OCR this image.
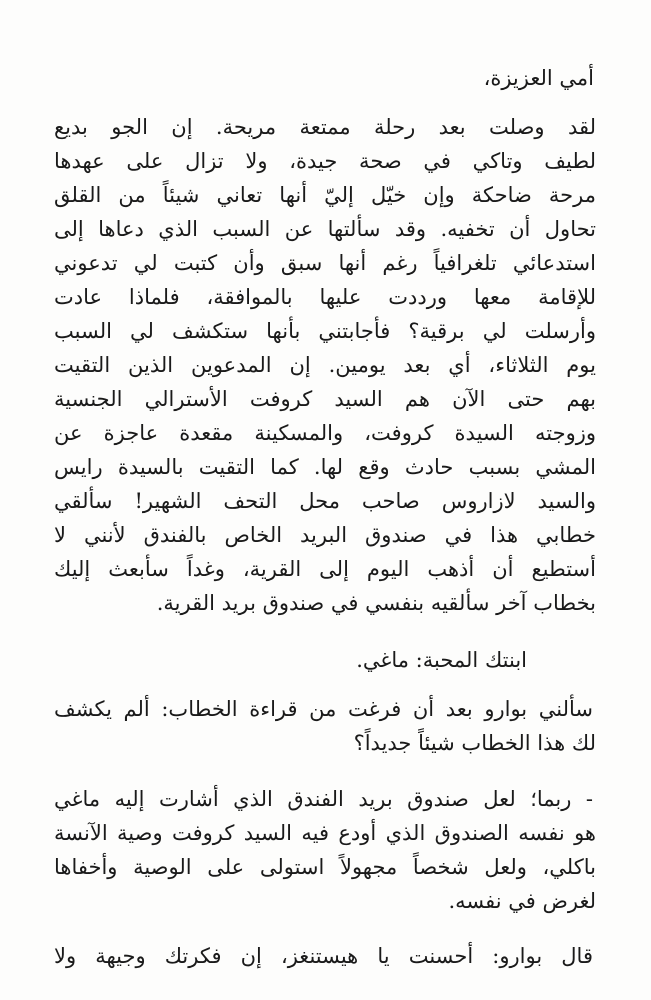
أمي العزيزة،
لقد وصلت بعد رحلة ممتعة مريحة. إن الجو بديع
لطيف وتاكي في صحة جيدة، ولا تزال على عهدها
مرحة ضاحكة وإن خيّل إليّ أنها تعاني شيئاً من القلق
تحاول أن تخفيه. وقد سألتها عن السبب الذي دعاها إلى
استدعائي تلغرافياً رغم أنها سبق وأن كتبت لي تدعوني
للإقامة معها ورددت عليها بالموافقة، فلماذا عادت
وأرسلت لي برقية؟ فأجابتني بأنها ستكشف لي السبب
يوم الثلاثاء، أي بعد يومين. إن المدعوين الذين التقيت
بهم حتى الآن هم السيد كروفت الأسترالي الجنسية
وزوجته السيدة كروفت، والمسكينة مقعدة عاجزة عن
المشي بسبب حادث وقع لها. كما التقيت بالسيدة رايس
والسيد لازاروس صاحب محل التحف الشهير! سألقي
خطابي هذا في صندوق البريد الخاص بالفندق لأنني لا
أستطيع أن أذهب اليوم إلى القرية، وغداً سأبعث إليك
بخطاب آخر سألقيه بنفسي في صندوق بريد القرية.
ابنتك المحبة: ماغي.
سألني بوارو بعد أن فرغت من قراءة الخطاب: ألم يكشف
لك هذا الخطاب شيئاً جديداً؟
- ربما؛ لعل صندوق بريد الفندق الذي أشارت إليه ماغي
هو نفسه الصندوق الذي أودع فيه السيد كروفت وصية الآنسة
باكلي، ولعل شخصاً مجهولاً استولى على الوصية وأخفاها
لغرض في نفسه.
قال بوارو: أحسنت يا هيستنغز، إن فكرتك وجيهة ولا
